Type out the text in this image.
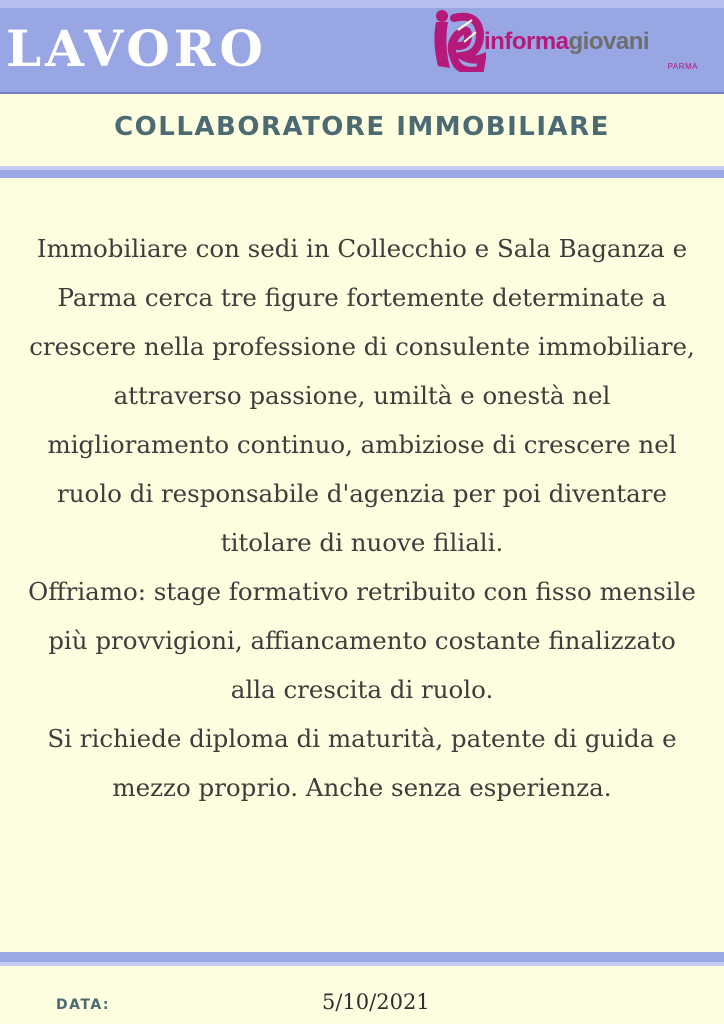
LAVORO	informagiovani
PARMA
COLLABORATORE IMMOBILIARE

Immobiliare con sedi in Collecchio e Sala Baganza e Parma cerca tre figure fortemente determinate a crescere nella professione di consulente immobiliare, attraverso passione, umiltà e onestà nel miglioramento continuo, ambiziose di crescere nel ruolo di responsabile d'agenzia per poi diventare titolare di nuove filiali.

Offriamo: stage formativo retribuito con fisso mensile più provvigioni, affiancamento costante finalizzato alla crescita di ruolo.

Si richiede diploma di maturità, patente di guida e mezzo proprio. Anche senza esperienza.

DATA:	5/10/2021
